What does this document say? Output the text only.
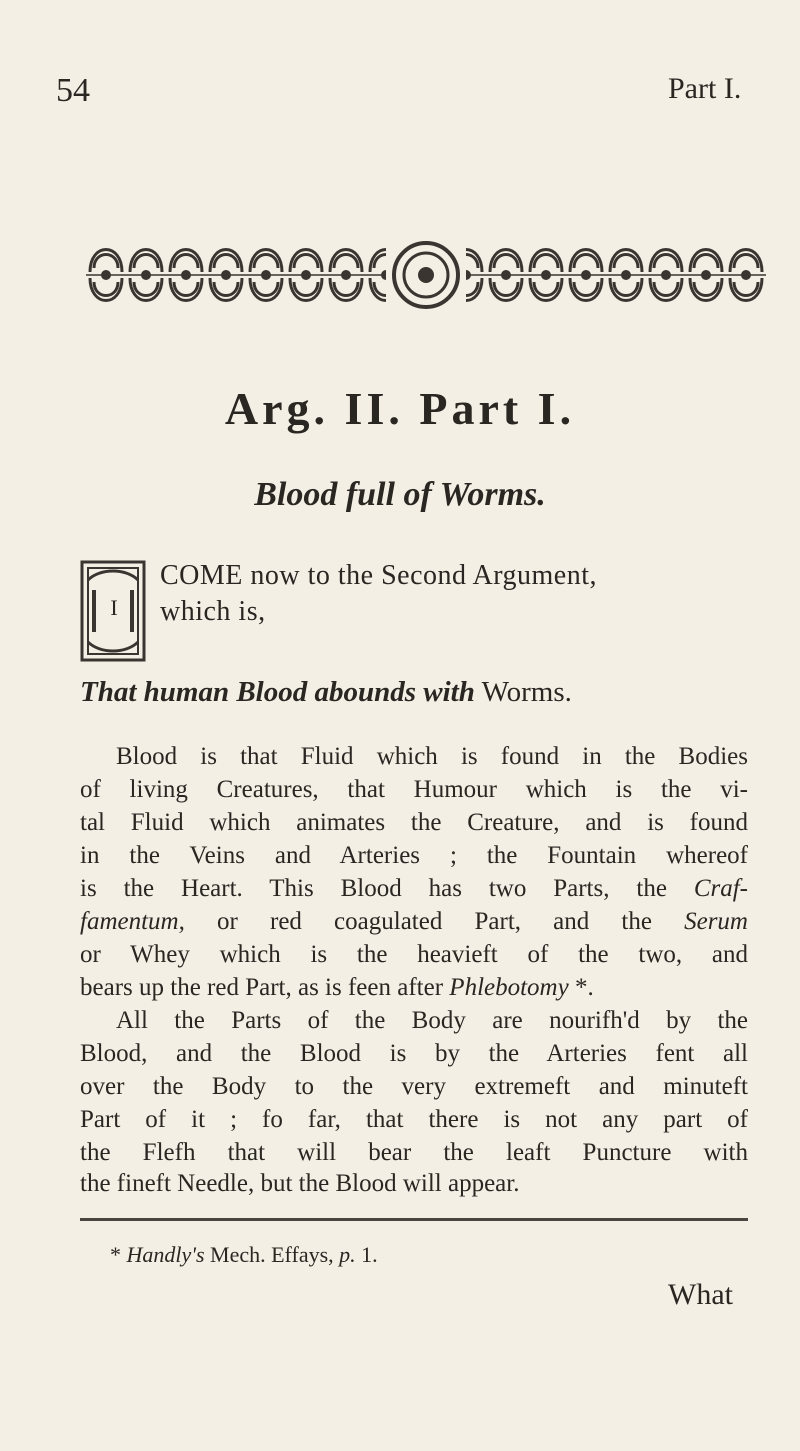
54	Part I.
Arg. II. Part I.
Blood full of Worms.
I
COME now to the Second Argument,
which is,
That human Blood abounds with Worms.
Blood is that Fluid which is found in the Bodies
of living Creatures, that Humour which is the vi-
tal Fluid which animates the Creature, and is found
in the Veins and Arteries ; the Fountain whereof
is the Heart. This Blood has two Parts, the Craf-
famentum, or red coagulated Part, and the Serum
or Whey which is the heavieft of the two, and
bears up the red Part, as is feen after Phlebotomy *.
All the Parts of the Body are nourifh'd by the
Blood, and the Blood is by the Arteries fent all
over the Body to the very extremeft and minuteft
Part of it ; fo far, that there is not any part of
the Flefh that will bear the leaft Puncture with
the fineft Needle, but the Blood will appear.
* Handly's Mech. Effays, p. 1.
What
